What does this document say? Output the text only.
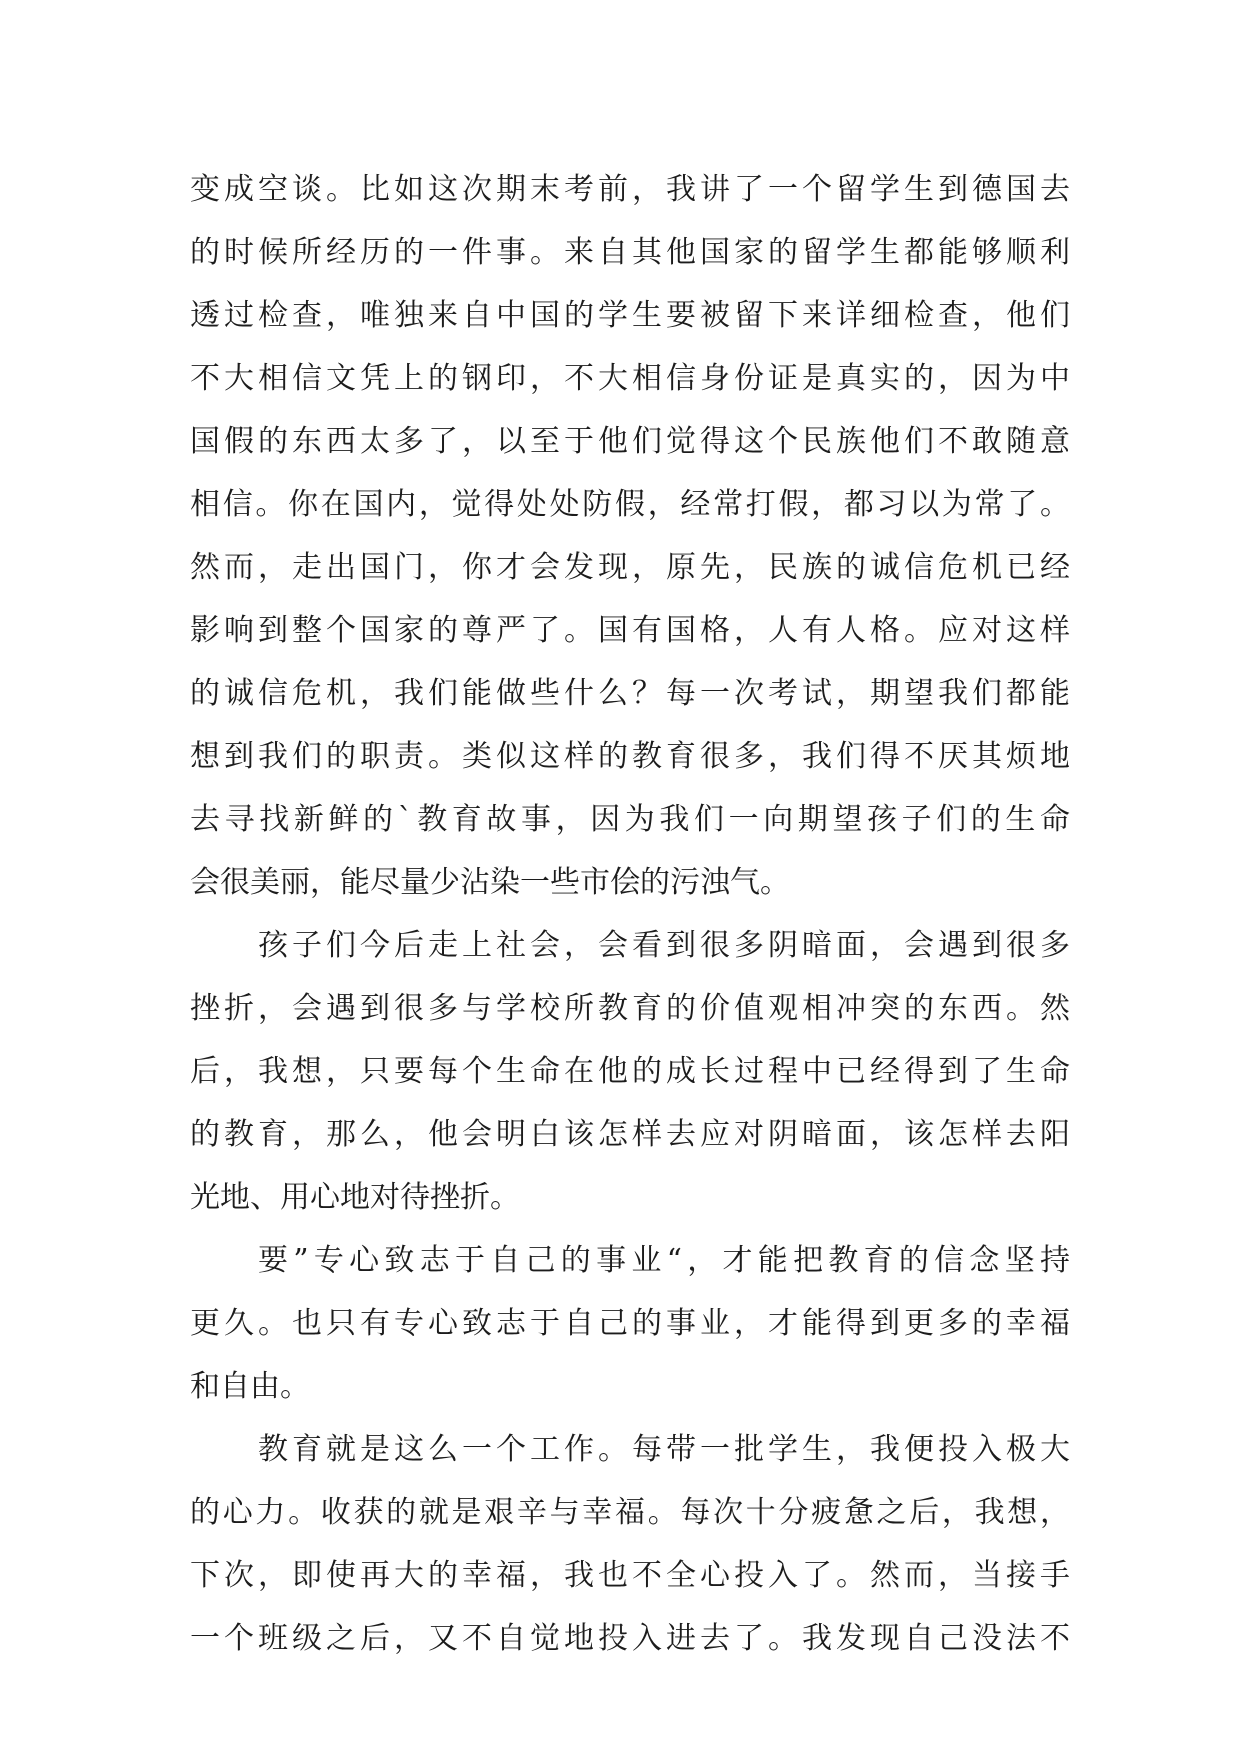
变成空谈。比如这次期末考前，我讲了一个留学生到德国去
的时候所经历的一件事。来自其他国家的留学生都能够顺利
透过检查，唯独来自中国的学生要被留下来详细检查，他们
不大相信文凭上的钢印，不大相信身份证是真实的，因为中
国假的东西太多了，以至于他们觉得这个民族他们不敢随意
相信。你在国内，觉得处处防假，经常打假，都习以为常了。
然而，走出国门，你才会发现，原先，民族的诚信危机已经
影响到整个国家的尊严了。国有国格，人有人格。应对这样
的诚信危机，我们能做些什么？每一次考试，期望我们都能
想到我们的职责。类似这样的教育很多，我们得不厌其烦地
去寻找新鲜的`教育故事，因为我们一向期望孩子们的生命
会很美丽，能尽量少沾染一些市侩的污浊气。
孩子们今后走上社会，会看到很多阴暗面，会遇到很多
挫折，会遇到很多与学校所教育的价值观相冲突的东西。然
后，我想，只要每个生命在他的成长过程中已经得到了生命
的教育，那么，他会明白该怎样去应对阴暗面，该怎样去阳
光地、用心地对待挫折。
要”专心致志于自己的事业“，才能把教育的信念坚持
更久。也只有专心致志于自己的事业，才能得到更多的幸福
和自由。
教育就是这么一个工作。每带一批学生，我便投入极大
的心力。收获的就是艰辛与幸福。每次十分疲惫之后，我想，
下次，即使再大的幸福，我也不全心投入了。然而，当接手
一个班级之后，又不自觉地投入进去了。我发现自己没法不
